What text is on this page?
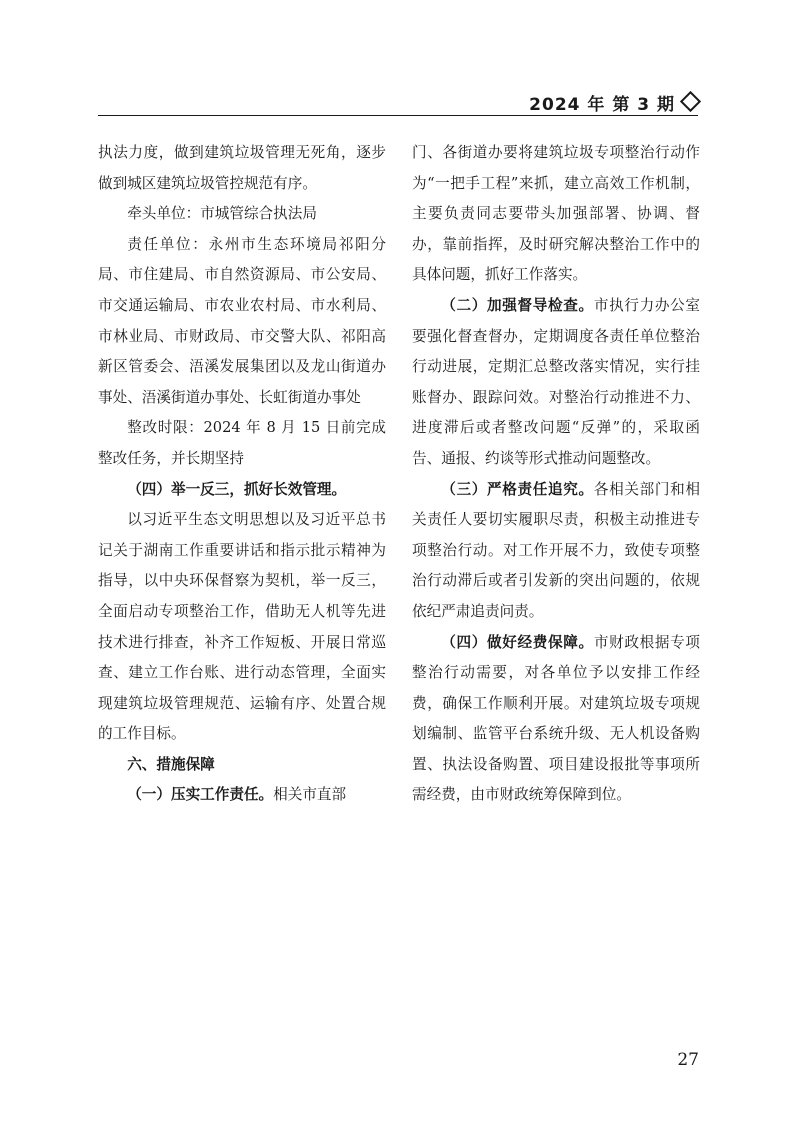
2024 年 第 3 期

执法力度，做到建筑垃圾管理无死角，逐步做到城区建筑垃圾管控规范有序。

牵头单位：市城管综合执法局

责任单位：永州市生态环境局祁阳分局、市住建局、市自然资源局、市公安局、市交通运输局、市农业农村局、市水利局、市林业局、市财政局、市交警大队、祁阳高新区管委会、浯溪发展集团以及龙山街道办事处、浯溪街道办事处、长虹街道办事处

整改时限：2024 年 8 月 15 日前完成整改任务，并长期坚持

（四）举一反三，抓好长效管理。

以习近平生态文明思想以及习近平总书记关于湖南工作重要讲话和指示批示精神为指导，以中央环保督察为契机，举一反三，全面启动专项整治工作，借助无人机等先进技术进行排查，补齐工作短板、开展日常巡查、建立工作台账、进行动态管理，全面实现建筑垃圾管理规范、运输有序、处置合规的工作目标。

六、措施保障

（一）压实工作责任。相关市直部

门、各街道办要将建筑垃圾专项整治行动作为“一把手工程”来抓，建立高效工作机制，主要负责同志要带头加强部署、协调、督办，靠前指挥，及时研究解决整治工作中的具体问题，抓好工作落实。

（二）加强督导检查。市执行力办公室要强化督查督办，定期调度各责任单位整治行动进展，定期汇总整改落实情况，实行挂账督办、跟踪问效。对整治行动推进不力、进度滞后或者整改问题“反弹”的，采取函告、通报、约谈等形式推动问题整改。

（三）严格责任追究。各相关部门和相关责任人要切实履职尽责，积极主动推进专项整治行动。对工作开展不力，致使专项整治行动滞后或者引发新的突出问题的，依规依纪严肃追责问责。

（四）做好经费保障。市财政根据专项整治行动需要，对各单位予以安排工作经费，确保工作顺利开展。对建筑垃圾专项规划编制、监管平台系统升级、无人机设备购置、执法设备购置、项目建设报批等事项所需经费，由市财政统筹保障到位。

27
